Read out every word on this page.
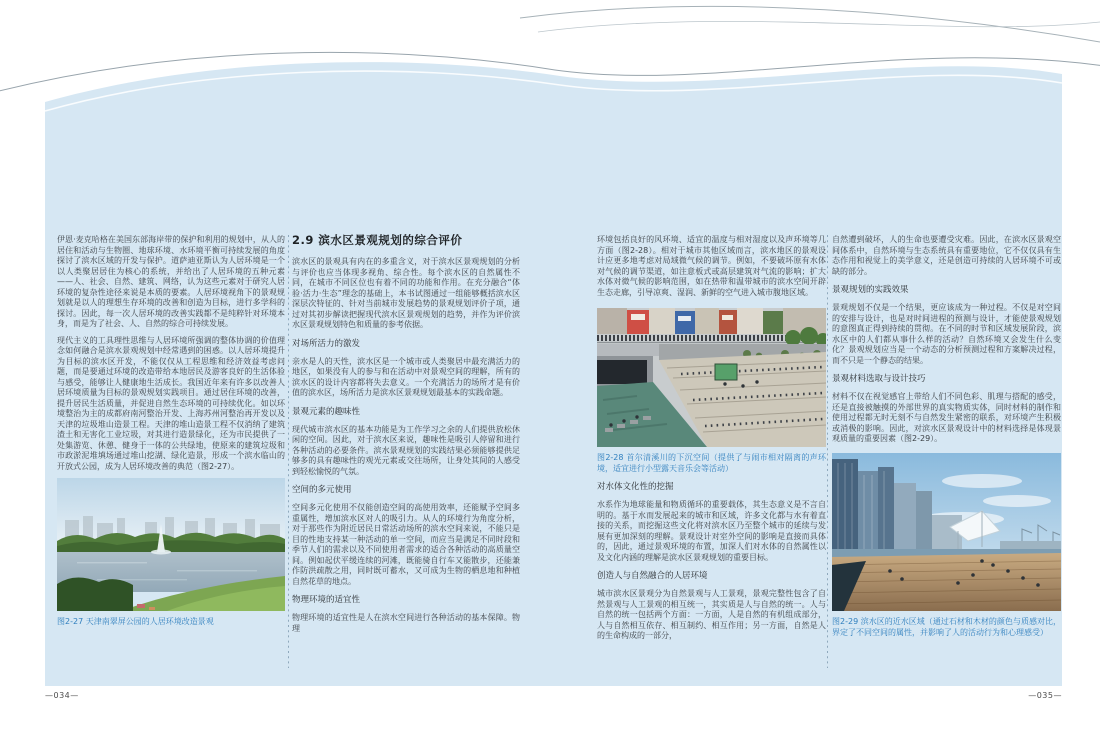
伊恩·麦克哈格在美国东部海岸带的保护和利用的规划中，从人的居住和活动与生物圈、地球环境、水环境平衡可持续发展的角度探讨了滨水区域的开发与保护。道萨迪亚斯认为人居环境是一个以人类聚居居住为核心的系统，并给出了人居环境的五种元素——人、社会、自然、建筑、网络，认为这些元素对于研究人居环境的复杂性途径来说是本质的要素。人居环境视角下的景观规划就是以人的理想生存环境的改善和创造为目标，进行多学科的探讨。因此，每一次人居环境的改善实践都不是纯粹针对环境本身，而是为了社会、人、自然的综合可持续发展。

现代主义的工具理性思维与人居环境所强调的整体协调的价值理念如何融合是滨水景观规划中经常遇到的困惑。以人居环境提升为目标的滨水区开发，不能仅仅从工程思维和经济效益考虑问题，而是要通过环境的改造带给本地居民及游客良好的生活体验与感受，能够让人健康地生活成长。我国近年来有许多以改善人居环境质量为目标的景观规划实践项目。通过居住环境的改善，提升居民生活质量，并促进自然生态环境的可持续优化。如以环境整治为主的成都府南河整治开发、上海苏州河整治再开发以及天津的垃圾堆山造景工程。天津的堆山造景工程不仅消纳了建筑渣土和无害化工业垃圾，对其进行造景绿化，还为市民提供了一处集游览、休憩、健身于一体的公共绿地，使原来的建筑垃圾和市政淤泥堆填场通过堆山挖湖、绿化造景，形成一个滨水临山的开放式公园，成为人居环境改善的典范（图2-27）。

图2-27 天津南翠屏公园的人居环境改造景观
2.9 滨水区景观规划的综合评价

滨水区的景观具有内在的多重含义，对于滨水区景观规划的分析与评价也应当体现多视角、综合性。每个滨水区的自然属性不同，在城市不同区位也有着不同的功能和作用。在充分融合“体验·活力·生态”理念的基础上，本书试图通过一组能够概括滨水区深层次特征的、针对当前城市发展趋势的景观规划评价子项，通过对其初步解读把握现代滨水区景观规划的趋势，并作为评价滨水区景观规划特色和质量的参考依据。

对场所活力的激发

亲水是人的天性，滨水区是一个城市或人类聚居中最充满活力的地区，如果没有人的参与和在活动中对景观空间的理解，所有的滨水区的设计内容都将失去意义。一个充满活力的场所才是有价值的滨水区，场所活力是滨水区景观规划最基本的实践命题。

景观元素的趣味性

现代城市滨水区的基本功能是为工作学习之余的人们提供放松休闲的空间。因此，对于滨水区来说，趣味性是吸引人停留和进行各种活动的必要条件。滨水景观规划的实践结果必须能够提供足够多的具有趣味性的观光元素或交往场所，让身处其间的人感受到轻松愉悦的气氛。

空间的多元使用

空间多元化使用不仅能创造空间的高使用效率，还能赋予空间多重属性，增加滨水区对人的吸引力。从人的环境行为角度分析，对于那些作为附近居民日常活动场所的滨水空间来说，不能只是目的性地支持某一种活动的单一空间，而应当是满足不同时段和季节人们的需求以及不同使用者需求的适合各种活动的高质量空间。例如起伏平缓连续的河滩，既能骑自行车又能散步，还能兼作防洪疏散之用，同时既可蓄水，又可成为生物的栖息地和种植自然花草的地点。

物理环境的适宜性

物理环境的适宜性是人在滨水空间进行各种活动的基本保障。物理

环境包括良好的风环境、适宜的温度与相对湿度以及声环境等几方面（图2-28）。相对于城市其他区域而言，滨水地区的景观设计应更多地考虑对局域微气候的调节。例如，不要破坏原有水体对气候的调节渠道，如注意板式或高层建筑对气流的影响；扩大水体对微气候的影响范围，如在热带和温带城市的滨水空间开辟生态走廊，引导凉爽、湿润、新鲜的空气进入城市腹地区域。

图2-28 首尔清溪川的下沉空间（提供了与闹市相对隔离的声环境，适宜进行小型露天音乐会等活动）
对水体文化性的挖掘

水系作为地球能量和物质循环的重要载体，其生态意义是不言自明的。基于水而发展起来的城市和区域，许多文化都与水有着直接的关系，而挖掘这些文化将对滨水区乃至整个城市的延续与发展有更加深刻的理解。景观设计对室外空间的影响是直接而具体的，因此，通过景观环境的布置，加深人们对水体的自然属性以及文化内涵的理解是滨水区景观规划的重要目标。

创造人与自然融合的人居环境

城市滨水区景观分为自然景观与人工景观，景观完整性包含了自然景观与人工景观的相互统一，其实质是人与自然的统一。人与自然的统一包括两个方面：一方面，人是自然的有机组成部分，人与自然相互依存、相互制约、相互作用；另一方面，自然是人的生命构成的一部分，

自然遭到破坏，人的生命也要遭受灾难。因此，在滨水区景观空间体系中，自然环境与生态系统具有重要地位，它不仅仅具有生态作用和视觉上的美学意义，还是创造可持续的人居环境不可或缺的部分。

景观规划的实践效果

景观规划不仅是一个结果，更应该成为一种过程。不仅是对空间的安排与设计，也是对时间进程的预测与设计，才能使景观规划的意图真正得到持续的贯彻。在不同的时节和区域发展阶段，滨水区中的人们都从事什么样的活动？自然环境又会发生什么变化？景观规划应当是一个动态的分析预测过程和方案解决过程，而不只是一个静态的结果。

景观材料选取与设计技巧

材料不仅在视觉感官上带给人们不同色彩、肌理与搭配的感受，还是直接被触摸的外部世界的真实物质实体，同时材料的制作和使用过程都无时无刻不与自然发生紧密的联系，对环境产生积极或消极的影响。因此，对滨水区景观设计中的材料选择是体现景观质量的重要因素（图2-29）。

图2-29 滨水区的近水区域（通过石材和木材的颜色与质感对比，界定了不同空间的属性，并影响了人的活动行为和心理感受）
—034—	—035—
